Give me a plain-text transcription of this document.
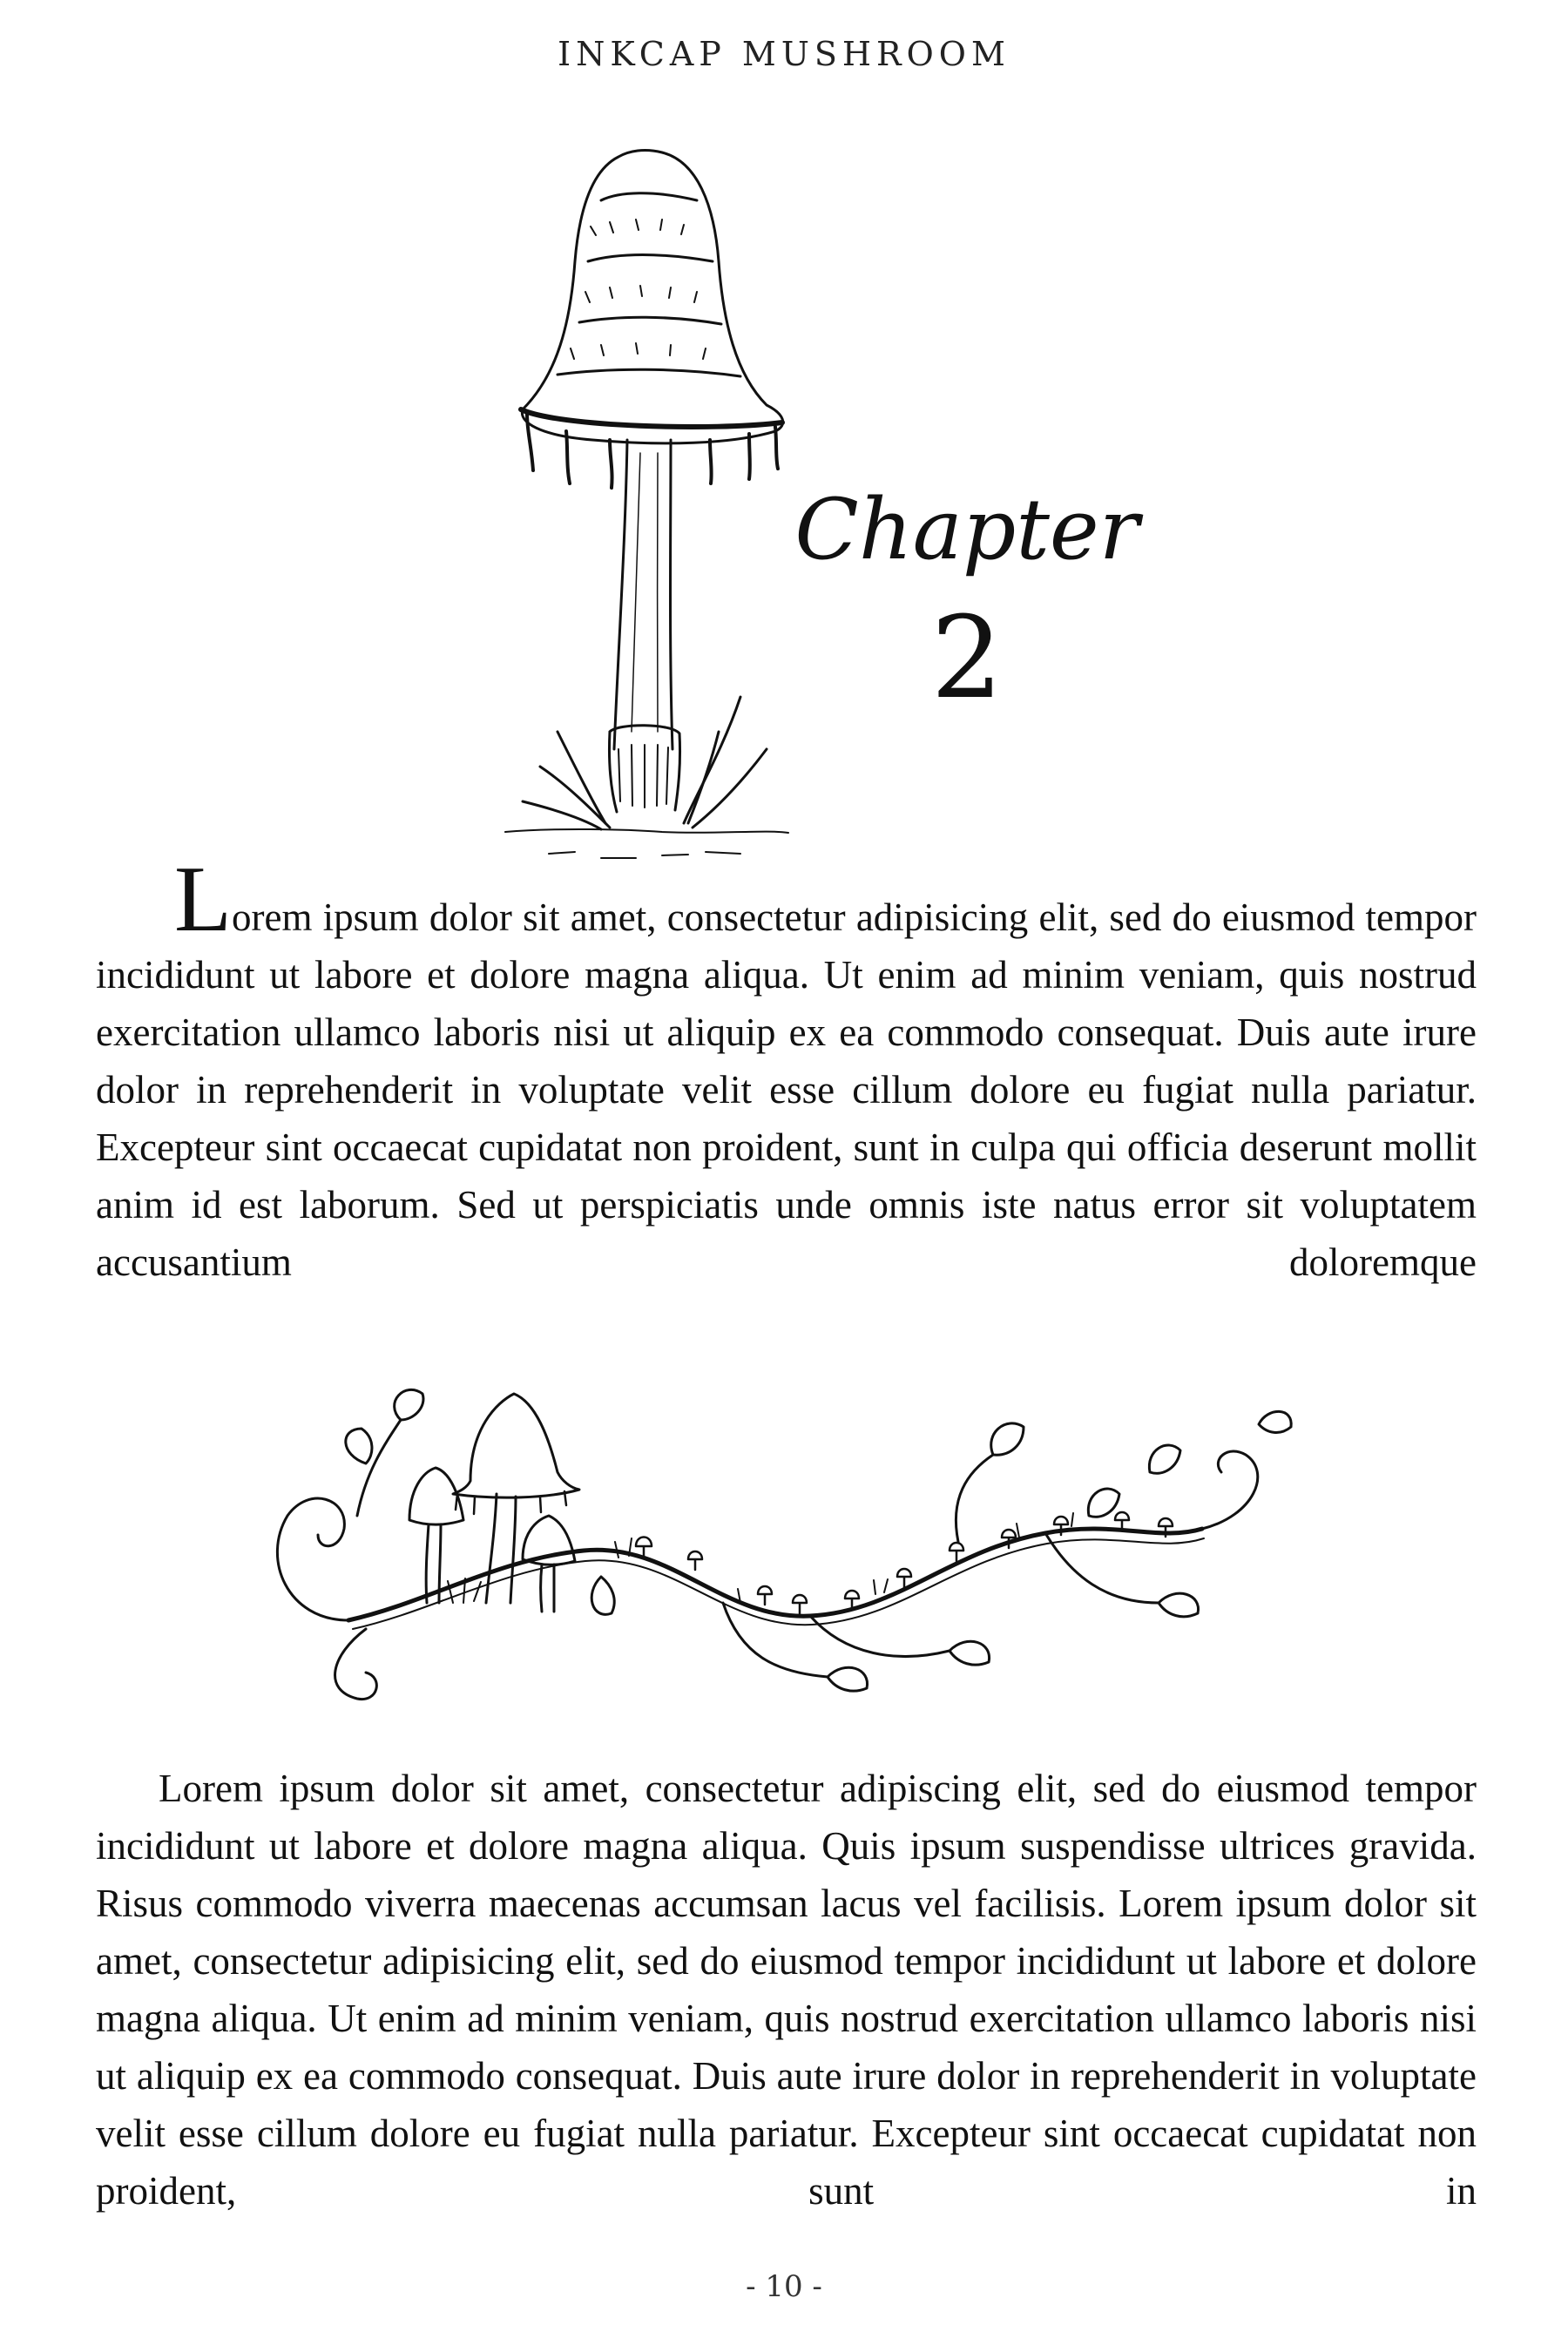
INKCAP MUSHROOM
Chapter
2

Lorem ipsum dolor sit amet, consectetur adipisicing elit, sed do eiusmod tempor incididunt ut labore et dolore magna aliqua. Ut enim ad minim veniam, quis nostrud exercitation ullamco laboris nisi ut aliquip ex ea commodo consequat. Duis aute irure dolor in reprehenderit in voluptate velit esse cillum dolore eu fugiat nulla pariatur. Excepteur sint occaecat cupidatat non proident, sunt in culpa qui officia deserunt mollit anim id est laborum. Sed ut perspiciatis unde omnis iste natus error sit voluptatem accusantium doloremque

Lorem ipsum dolor sit amet, consectetur adipiscing elit, sed do eiusmod tempor incididunt ut labore et dolore magna aliqua. Quis ipsum suspendisse ultrices gravida. Risus commodo viverra maecenas accumsan lacus vel facilisis. Lorem ipsum dolor sit amet, consectetur adipisicing elit, sed do eiusmod tempor incididunt ut labore et dolore magna aliqua. Ut enim ad minim veniam, quis nostrud exercitation ullamco laboris nisi ut aliquip ex ea commodo consequat. Duis aute irure dolor in reprehenderit in voluptate velit esse cillum dolore eu fugiat nulla pariatur. Excepteur sint occaecat cupidatat non proident, sunt in

- 10 -
